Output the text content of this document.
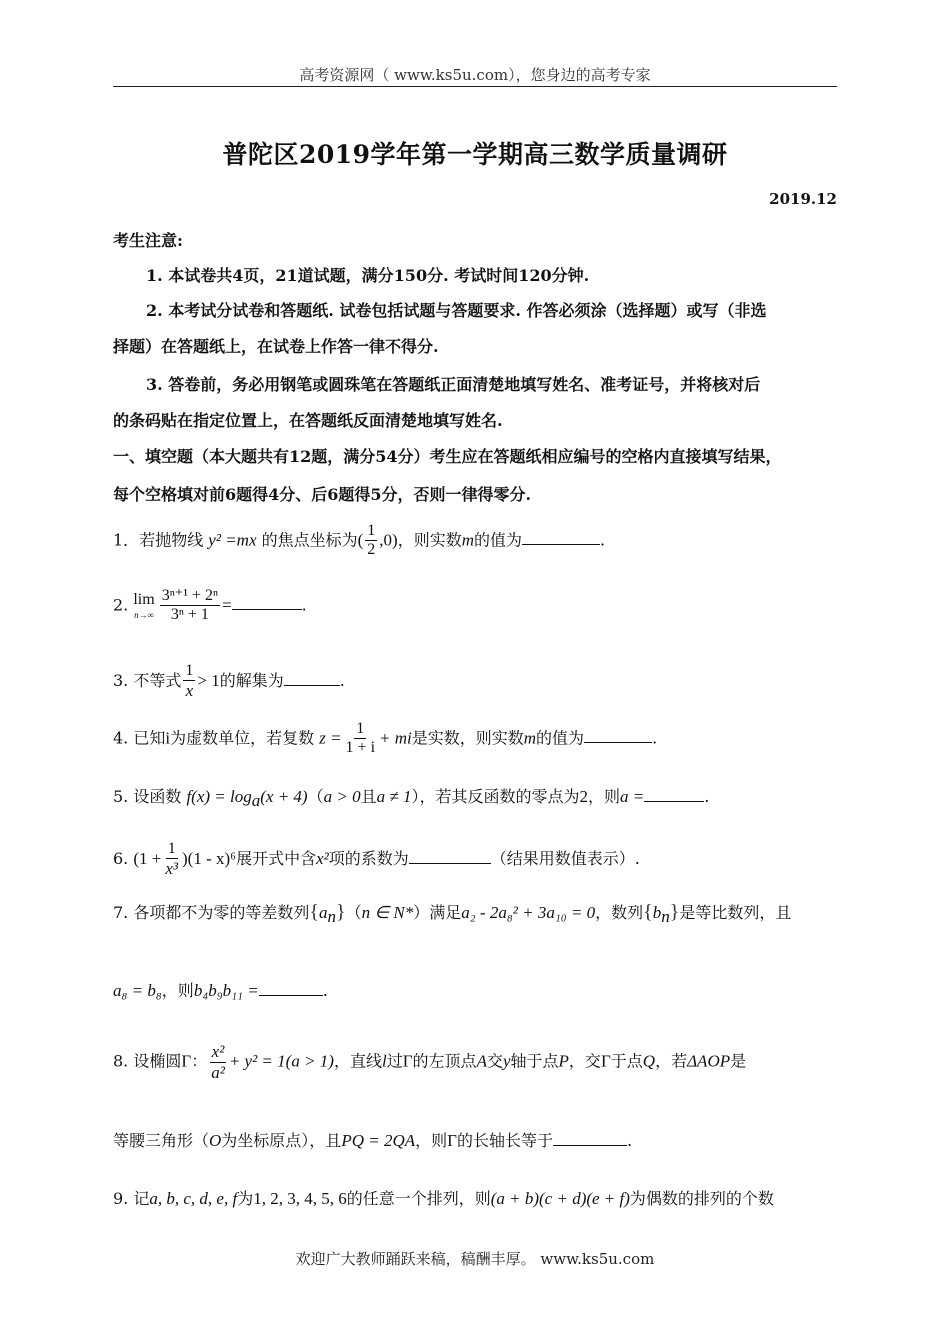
高考资源网（ www.ks5u.com），您身边的高考专家
普陀区2019学年第一学期高三数学质量调研
2019.12
考生注意:
1. 本试卷共4页，21道试题，满分150分. 考试时间120分钟.
2. 本考试分试卷和答题纸. 试卷包括试题与答题要求. 作答必须涂（选择题）或写（非选
择题）在答题纸上，在试卷上作答一律不得分.
3. 答卷前，务必用钢笔或圆珠笔在答题纸正面清楚地填写姓名、准考证号，并将核对后
的条码贴在指定位置上，在答题纸反面清楚地填写姓名.
一、填空题（本大题共有12题，满分54分）考生应在答题纸相应编号的空格内直接填写结果，
每个空格填对前6题得4分、后6题得5分，否则一律得零分.
1．若抛物线 y² =mx 的焦点坐标为( $\frac{1}{2} ,0$)，则实数m的值为	.
2. lim
$n\to\infty \frac{\text{3ⁿ⁺¹ + 2ⁿ}}{\text{3ⁿ + 1}}$ =	.
3. 不等式 $\frac{1}{x} > 1$的解集为	.
4. 已知i为虚数单位，若复数 $z = \frac{1}{1 + i}$ + mi是实数，则实数m的值为	.
5. 设函数 $f(x) = \log_a(x + 4)(a > 0$且a ≠ 1），若其反函数的零点为2，则a =	.
6. $(1 + \frac{1}{\text{x³}} )(1 - x)^6$展开式中含x²项的系数为	（结果用数值表示）.
7. 各项都不为零的等差数列$\{a_n\}(n$ ∈ N*）满足a₂ - 2a₈² + 3a₁₀ = 0，数列$\{b_n\}$是等比数列，且
a₈ = b₈，则b₄b₉b₁₁ =	.
8. 设椭圆Γ： $\frac{\text{x²}}{\text{a²}} + y^2 = 1(a > 1)$，直线l过Γ的左顶点A交y轴于点P，交Γ于点Q，若ΔAOP是
等腰三角形（O为坐标原点），且PQ = 2QA，则Γ的长轴长等于	.
9. 记a, b, c, d, e, f为1, 2, 3, 4, 5, 6的任意一个排列，则(a + b)(c + d)(e + f)为偶数的排列的个数
欢迎广大教师踊跃来稿，稿酬丰厚。 www.ks5u.com
